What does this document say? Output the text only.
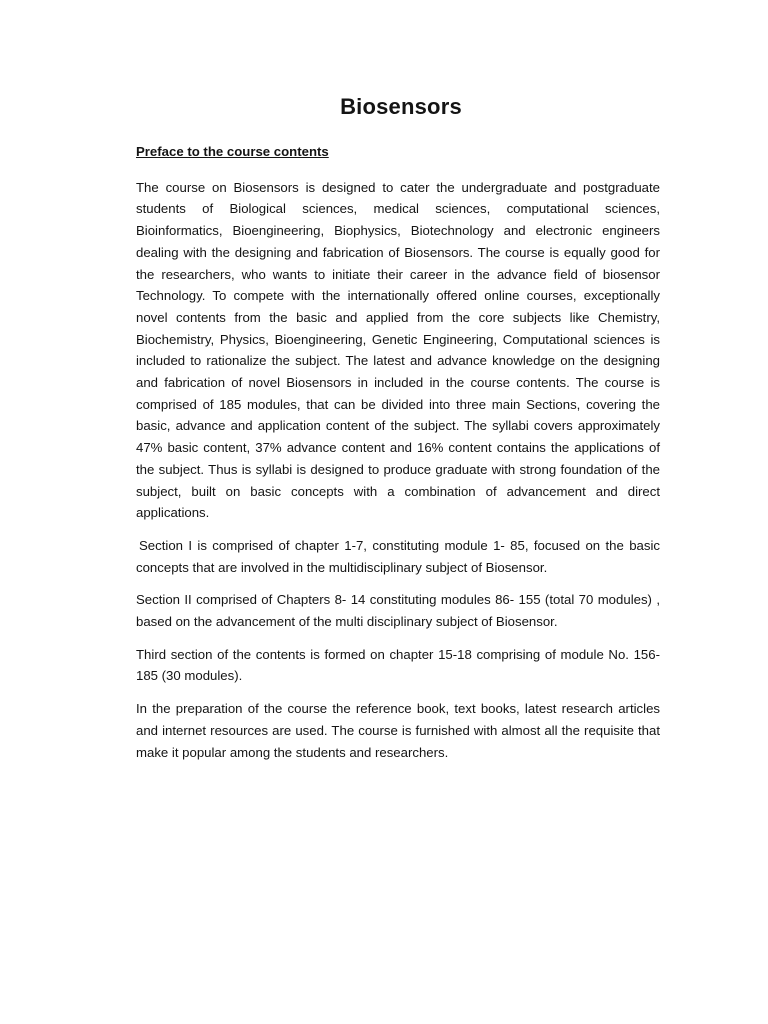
Biosensors
Preface to the course contents

The course on Biosensors is designed to cater the undergraduate and postgraduate students of Biological sciences, medical sciences, computational sciences, Bioinformatics, Bioengineering, Biophysics, Biotechnology and electronic engineers dealing with the designing and fabrication of Biosensors. The course is equally good for the researchers, who wants to initiate their career in the advance field of biosensor Technology. To compete with the internationally offered online courses, exceptionally novel contents from the basic and applied from the core subjects like Chemistry, Biochemistry, Physics, Bioengineering, Genetic Engineering, Computational sciences is included to rationalize the subject. The latest and advance knowledge on the designing and fabrication of novel Biosensors in included in the course contents. The course is comprised of 185 modules, that can be divided into three main Sections, covering the basic, advance and application content of the subject. The syllabi covers approximately 47% basic content, 37% advance content and 16% content contains the applications of the subject. Thus is syllabi is designed to produce graduate with strong foundation of the subject, built on basic concepts with a combination of advancement and direct applications.

Section I is comprised of chapter 1-7, constituting module 1- 85, focused on the basic concepts that are involved in the multidisciplinary subject of Biosensor.

Section II comprised of Chapters 8- 14 constituting modules 86- 155 (total 70 modules) , based on the advancement of the multi disciplinary subject of Biosensor.

Third section of the contents is formed on chapter 15-18 comprising of module No. 156-185 (30 modules).

In the preparation of the course the reference book, text books, latest research articles and internet resources are used. The course is furnished with almost all the requisite that make it popular among the students and researchers.
